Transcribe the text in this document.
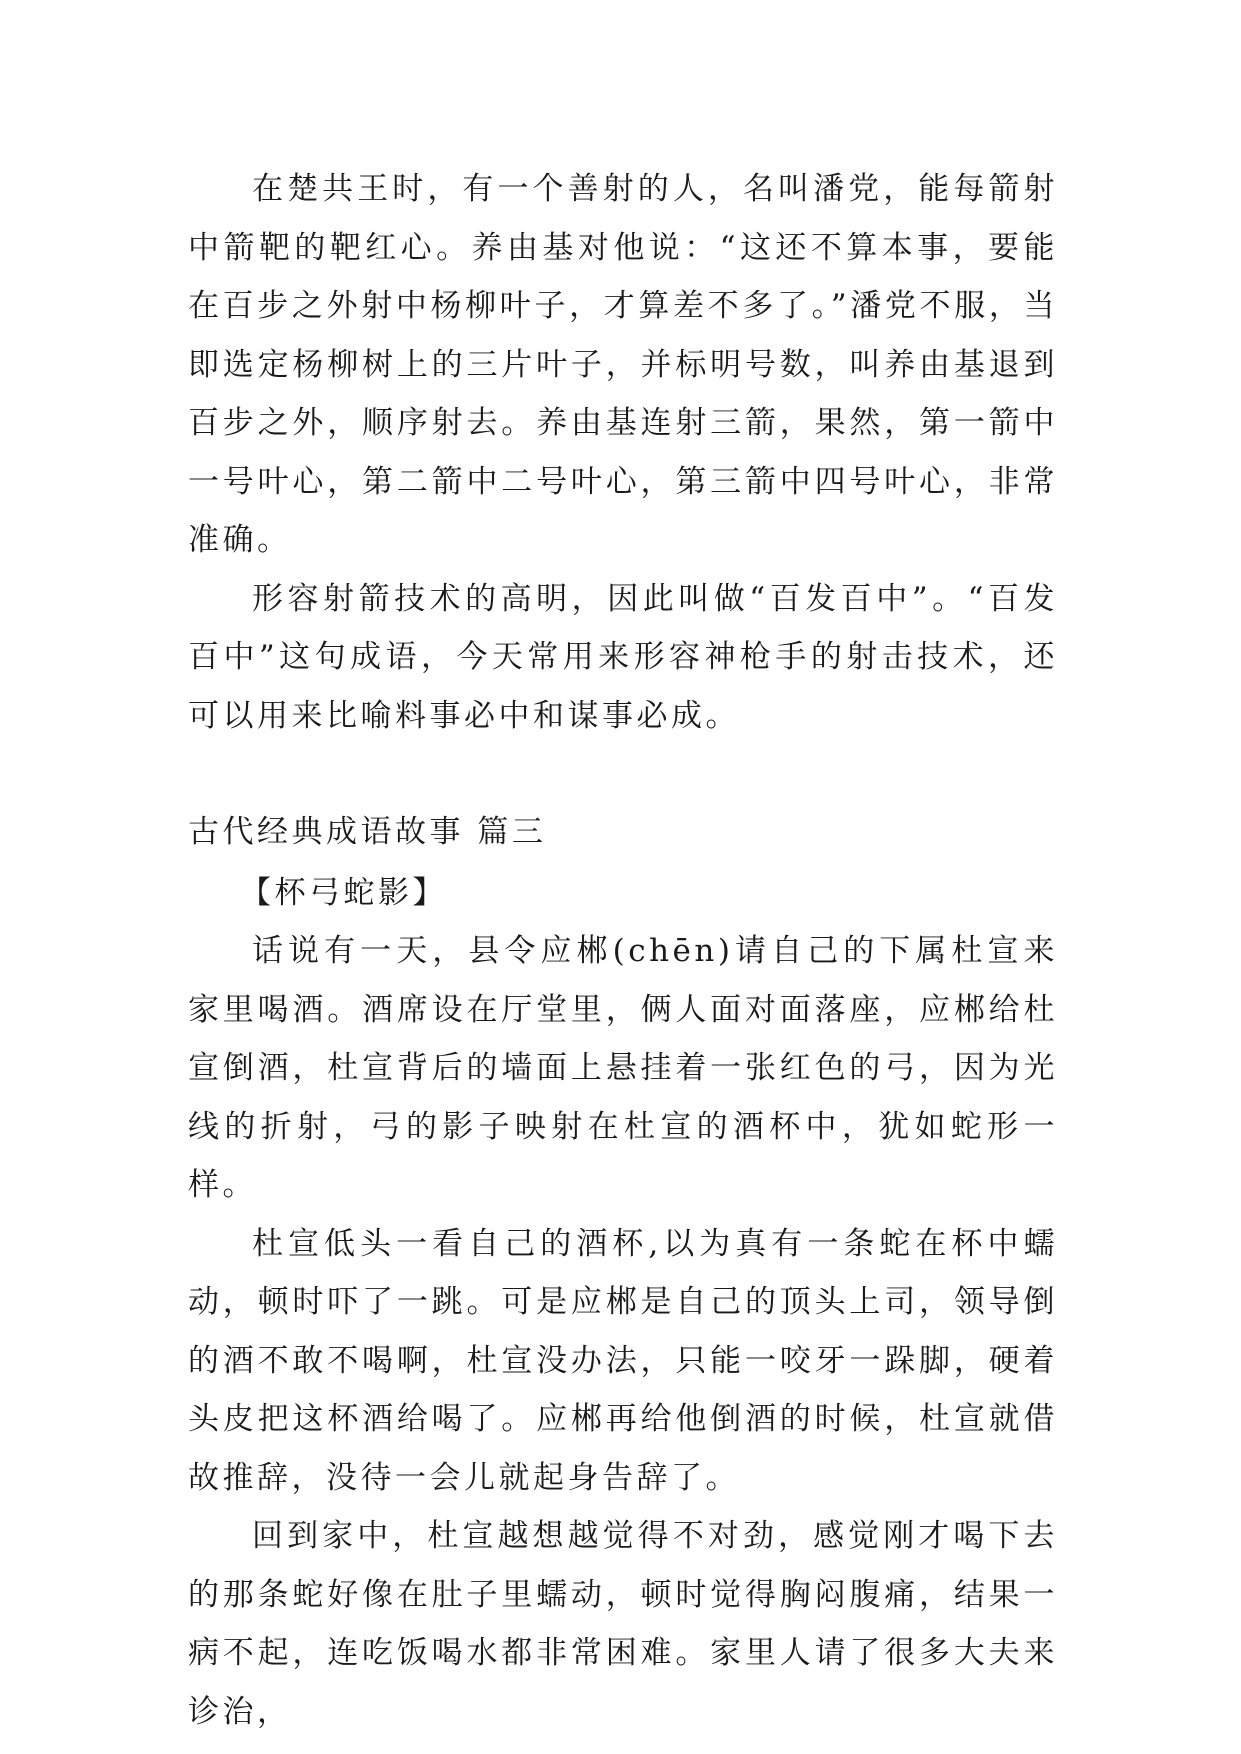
在楚共王时，有一个善射的人，名叫潘党，能每箭射中箭靶的靶红心。养由基对他说：“这还不算本事，要能在百步之外射中杨柳叶子，才算差不多了。”潘党不服，当即选定杨柳树上的三片叶子，并标明号数，叫养由基退到百步之外，顺序射去。养由基连射三箭，果然，第一箭中一号叶心，第二箭中二号叶心，第三箭中四号叶心，非常准确。

形容射箭技术的高明，因此叫做“百发百中”。“百发百中”这句成语，今天常用来形容神枪手的射击技术，还可以用来比喻料事必中和谋事必成。

古代经典成语故事 篇三

【杯弓蛇影】

话说有一天，县令应郴(chēn)请自己的下属杜宣来家里喝酒。酒席设在厅堂里，俩人面对面落座，应郴给杜宣倒酒，杜宣背后的墙面上悬挂着一张红色的弓，因为光线的折射，弓的影子映射在杜宣的酒杯中，犹如蛇形一样。

杜宣低头一看自己的酒杯,以为真有一条蛇在杯中蠕动，顿时吓了一跳。可是应郴是自己的顶头上司，领导倒的酒不敢不喝啊，杜宣没办法，只能一咬牙一跺脚，硬着头皮把这杯酒给喝了。应郴再给他倒酒的时候，杜宣就借故推辞，没待一会儿就起身告辞了。

回到家中，杜宣越想越觉得不对劲，感觉刚才喝下去的那条蛇好像在肚子里蠕动，顿时觉得胸闷腹痛，结果一病不起，连吃饭喝水都非常困难。家里人请了很多大夫来诊治，
